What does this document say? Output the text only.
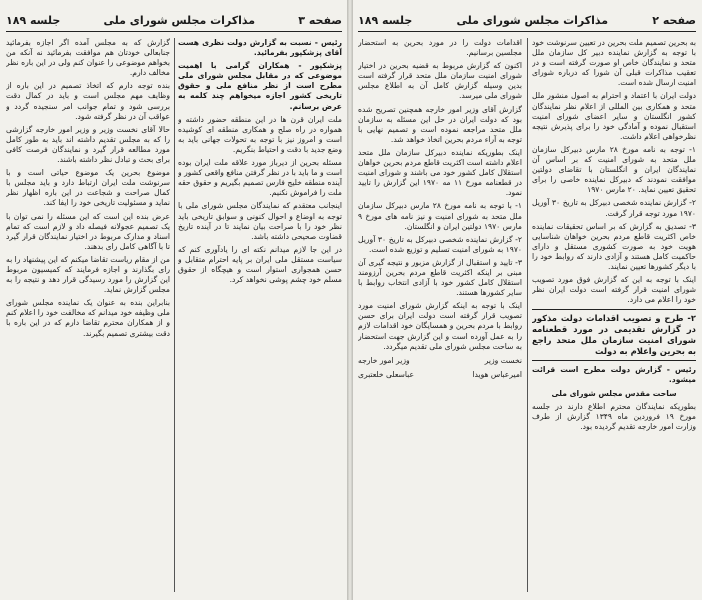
صفحه ۳
مذاکرات مجلس شورای ملی
جلسه ۱۸۹

رئیس - نسبت به گزارش دولت نظری هست آقای پزشکپور بفرمائید.

پزشکپور - همکاران گرامی با اهمیت موضوعی که در مقابل مجلس شورای ملی مطرح است از نظر منافع ملی و حقوق تاریخی کشور اجازه میخواهم چند کلمه به عرض برسانم.

ملت ایران قرن ها در این منطقه حضور داشته و همواره در راه صلح و همکاری منطقه ای کوشیده است و امروز نیز با توجه به تحولات جهانی باید به وضع جدید با دقت و احتیاط بنگریم.

مسئله بحرین از دیرباز مورد علاقه ملت ایران بوده است و ما باید با در نظر گرفتن منافع واقعی کشور و آینده منطقه خلیج فارس تصمیم بگیریم و حقوق حقه ملت را فراموش نکنیم.

اینجانب معتقدم که نمایندگان مجلس شورای ملی با توجه به اوضاع و احوال کنونی و سوابق تاریخی باید نظر خود را با صراحت بیان نمایند تا در آینده تاریخ قضاوت صحیحی داشته باشد.

در این جا لازم میدانم نکته ای را یادآوری کنم که سیاست مستقل ملی ایران بر پایه احترام متقابل و حسن همجواری استوار است و هیچگاه از حقوق مسلم خود چشم پوشی نخواهد کرد.

گزارش که به مجلس آمده اگر اجازه بفرمائید جنابعالی خودتان هم موافقت بفرمائید نه آنکه من بخواهم موضوعی را عنوان کنم ولی در این باره نظر مخالف دارم.

بنده توجه دارم که اتخاذ تصمیم در این باره از وظایف مهم مجلس است و باید در کمال دقت بررسی شود و تمام جوانب امر سنجیده گردد و عواقب آن در نظر گرفته شود.

حالا آقای نخست وزیر و وزیر امور خارجه گزارشی را که به مجلس تقدیم داشته اند باید به طور کامل مورد مطالعه قرار گیرد و نمایندگان فرصت کافی برای بحث و تبادل نظر داشته باشند.

موضوع بحرین یک موضوع حیاتی است و با سرنوشت ملت ایران ارتباط دارد و باید مجلس با کمال صراحت و شجاعت در این باره اظهار نظر نماید و مسئولیت تاریخی خود را ایفا کند.

عرض بنده این است که این مسئله را نمی توان با یک تصمیم عجولانه فیصله داد و لازم است که تمام اسناد و مدارک مربوط در اختیار نمایندگان قرار گیرد تا با آگاهی کامل رای بدهند.

من از مقام ریاست تقاضا میکنم که این پیشنهاد را به رای بگذارند و اجازه فرمایند که کمیسیون مربوط این گزارش را مورد رسیدگی قرار دهد و نتیجه را به مجلس گزارش نماید.

بنابراین بنده به عنوان یک نماینده مجلس شورای ملی وظیفه خود میدانم که مخالفت خود را اعلام کنم و از همکاران محترم تقاضا دارم که در این باره با دقت بیشتری تصمیم بگیرند.

صفحه ۲
مذاکرات مجلس شورای ملی
جلسه ۱۸۹

به بحرین تصمیم ملت بحرین در تعیین سرنوشت خود با توجه به گزارش نماینده دبیر کل سازمان ملل متحد و نمایندگان خاص او صورت گرفته است و در تعقیب مذاکرات قبلی آن شورا که درباره شورای امنیت ارسال شده است.

دولت ایران با اعتماد و احترام به اصول منشور ملل متحد و همکاری بین المللی از اعلام نظر نمایندگان کشور انگلستان و سایر اعضای شورای امنیت استقبال نموده و آمادگی خود را برای پذیرش نتیجه نظرخواهی اعلام داشت.

۱- توجه به نامه مورخ ۲۸ مارس دبیرکل سازمان ملل متحد به شورای امنیت که بر اساس آن نمایندگان ایران و انگلستان با تقاضای دولتین موافقت نمودند که دبیرکل نماینده خاصی را برای تحقیق تعیین نماید. ۲۰ مارس ۱۹۷۰

۲- گزارش نماینده شخصی دبیرکل به تاریخ ۳۰ آوریل ۱۹۷۰ مورد توجه قرار گرفت.

۳- تصدیق به گزارش که بر اساس تحقیقات نماینده خاص اکثریت قاطع مردم بحرین خواهان شناسایی هویت خود به صورت کشوری مستقل و دارای حاکمیت کامل هستند و آزادی دارند که روابط خود را با دیگر کشورها تعیین نمایند.

اینک با توجه به این که گزارش فوق مورد تصویب شورای امنیت قرار گرفته است دولت ایران نظر خود را اعلام می دارد.

۲- طرح و تصویب اقدامات دولت مذکور در گزارش تقدیمی در مورد قطعنامه شورای امنیت سازمان ملل متحد راجع به بحرین واعلام به دولت

رئیس - گزارش دولت مطرح است قرائت میشود.

ساحت مقدس مجلس شورای ملی

بطوریکه نمایندگان محترم اطلاع دارند در جلسه مورخ ۱۹ فروردین ماه ۱۳۴۹ گزارش از طرف وزارت امور خارجه تقدیم گردیده بود.

اقدامات دولت را در مورد بحرین به استحضار مجلسین برسانیم.

اکنون که گزارش مربوط به قضیه بحرین در اختیار شورای امنیت سازمان ملل متحد قرار گرفته است بدین وسیله گزارش کامل آن به اطلاع مجلس شورای ملی میرسد.

گزارش آقای وزیر امور خارجه همچنین تصریح شده بود که دولت ایران در حل این مسئله به سازمان ملل متحد مراجعه نموده است و تصمیم نهایی با توجه به آراء مردم بحرین اتخاذ خواهد شد.

اینک بطوریکه نماینده دبیرکل سازمان ملل متحد اعلام داشته است اکثریت قاطع مردم بحرین خواهان استقلال کامل کشور خود می باشند و شورای امنیت در قطعنامه مورخ ۱۱ مه ۱۹۷۰ این گزارش را تایید نمود.

۱- با توجه به نامه مورخ ۲۸ مارس دبیرکل سازمان ملل متحد به شورای امنیت و نیز نامه های مورخ ۹ مارس ۱۹۷۰ دولتین ایران و انگلستان.

۲- گزارش نماینده شخصی دبیرکل به تاریخ ۳۰ آوریل ۱۹۷۰ به شورای امنیت تسلیم و توزیع شده است.

۳- تایید و استقبال از گزارش مزبور و نتیجه گیری آن مبنی بر اینکه اکثریت قاطع مردم بحرین آرزومند استقلال کامل کشور خود با آزادی انتخاب روابط با سایر کشورها هستند.

اینک با توجه به اینکه گزارش شورای امنیت مورد تصویب قرار گرفته است دولت ایران برای حسن روابط با مردم بحرین و همسایگان خود اقدامات لازم را به عمل آورده است و این گزارش جهت استحضار به ساحت مجلس شورای ملی تقدیم میگردد.

نخست وزیر
وزیر امور خارجه
امیرعباس هویدا
عباسعلی خلعتبری
